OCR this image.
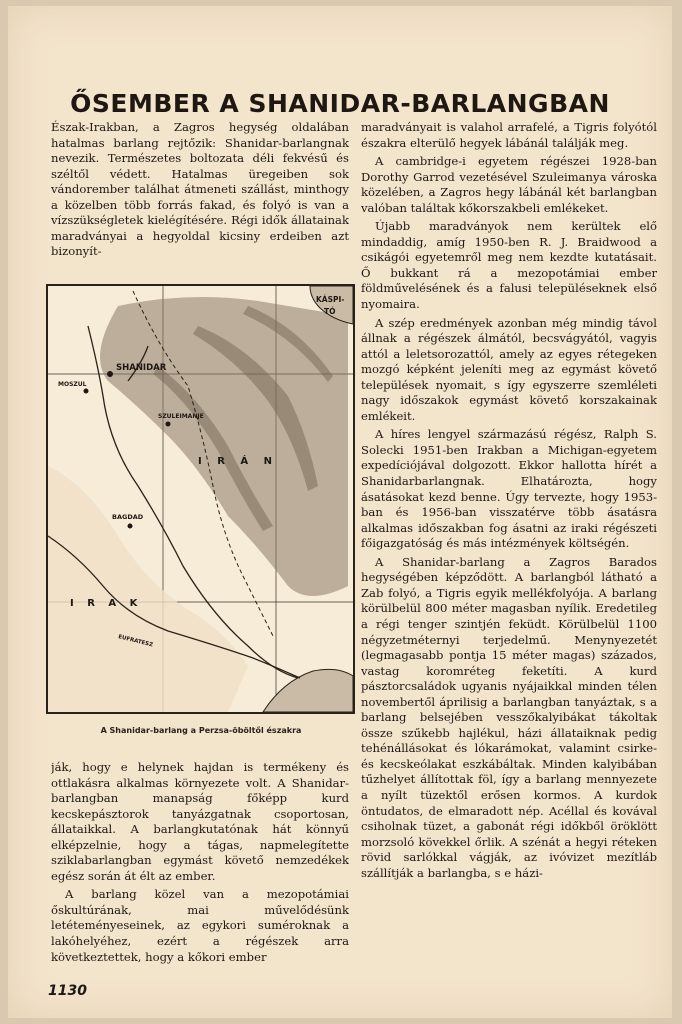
ŐSEMBER A SHANIDAR-BARLANGBAN

Észak-Irakban, a Zagros hegység oldalában hatalmas barlang rejtőzik: Shanidar-barlangnak nevezik. Természetes boltozata déli fekvésű és széltől védett. Hatalmas üregeiben sok vándorember találhat átmeneti szállást, minthogy a közelben több forrás fakad, és folyó is van a vízszükségletek kielégítésére. Régi idők állatainak maradványai a hegyoldal kicsiny erdeiben azt bizonyít-

KÁSPI-
TÓ
SHANIDAR
MOSZUL
SZULEIMANJE
BAGDAD
I R Á N
I R A K
EUFRATESZ
A Shanidar-barlang a Perzsa-öböltől északra

ják, hogy e helynek hajdan is termékeny és ottlakásra alkalmas környezete volt. A Shanidar-barlangban manapság főképp kurd kecskepásztorok tanyázgatnak csoportosan, állataikkal. A barlangkutatónak hát könnyű elképzelnie, hogy a tágas, napmelegítette sziklabarlangban egymást követő nemzedékek egész során át élt az ember.

A barlang közel van a mezopotámiai őskultúrának, mai művelődésünk letéteményeseinek, az egykori suméroknak a lakóhelyéhez, ezért a régészek arra következtettek, hogy a kőkori ember

maradványait is valahol arrafelé, a Tigris folyótól északra elterülő hegyek lábánál találják meg.

A cambridge-i egyetem régészei 1928-ban Dorothy Garrod vezetésével Szuleimanya városka közelében, a Zagros hegy lábánál két barlangban valóban találtak kőkorszakbeli emlékeket.

Újabb maradványok nem kerültek elő mindaddig, amíg 1950-ben R. J. Braidwood a csikágói egyetemről meg nem kezdte kutatásait. Ő bukkant rá a mezopotámiai ember földművelésének és a falusi településeknek első nyomaira.

A szép eredmények azonban még mindig távol állnak a régészek álmától, becsvágyától, vagyis attól a leletsorozattól, amely az egyes rétegeken mozgó képként jeleníti meg az egymást követő települések nyomait, s így egyszerre szemléleti nagy időszakok egymást követő korszakainak emlékeit.

A híres lengyel származású régész, Ralph S. Solecki 1951-ben Irakban a Michigan-egyetem expedíciójával dolgozott. Ekkor hallotta hírét a Shanidarbarlangnak. Elhatározta, hogy ásatásokat kezd benne. Úgy tervezte, hogy 1953-ban és 1956-ban visszatérve több ásatásra alkalmas időszakban fog ásatni az iraki régészeti főigazgatóság és más intézmények költségén.

A Shanidar-barlang a Zagros Barados hegységében képződött. A barlangból látható a Zab folyó, a Tigris egyik mellékfolyója. A barlang körülbelül 800 méter magasban nyílik. Eredetileg a régi tenger szintjén feküdt. Körülbelül 1100 négyzetméternyi terjedelmű. Menynyezetét (legmagasabb pontja 15 méter magas) százados, vastag koromréteg feketíti. A kurd pásztorcsaládok ugyanis nyájaikkal minden télen novembertől áprilisig a barlangban tanyáztak, s a barlang belsejében vesszőkalyibákat tákoltak össze szűkebb hajlékul, házi állataiknak pedig tehénállásokat és lókarámokat, valamint csirke- és kecskeólakat eszkábáltak. Minden kalyibában tűzhelyet állítottak föl, így a barlang mennyezete a nyílt tüzektől erősen kormos. A kurdok öntudatos, de elmaradott nép. Acéllal és kovával csiholnak tüzet, a gabonát régi időkből öröklött morzsoló kövekkel őrlik. A szénát a hegyi réteken rövid sarlókkal vágják, az ivóvizet mezítláb szállítják a barlangba, s e házi-

1130
